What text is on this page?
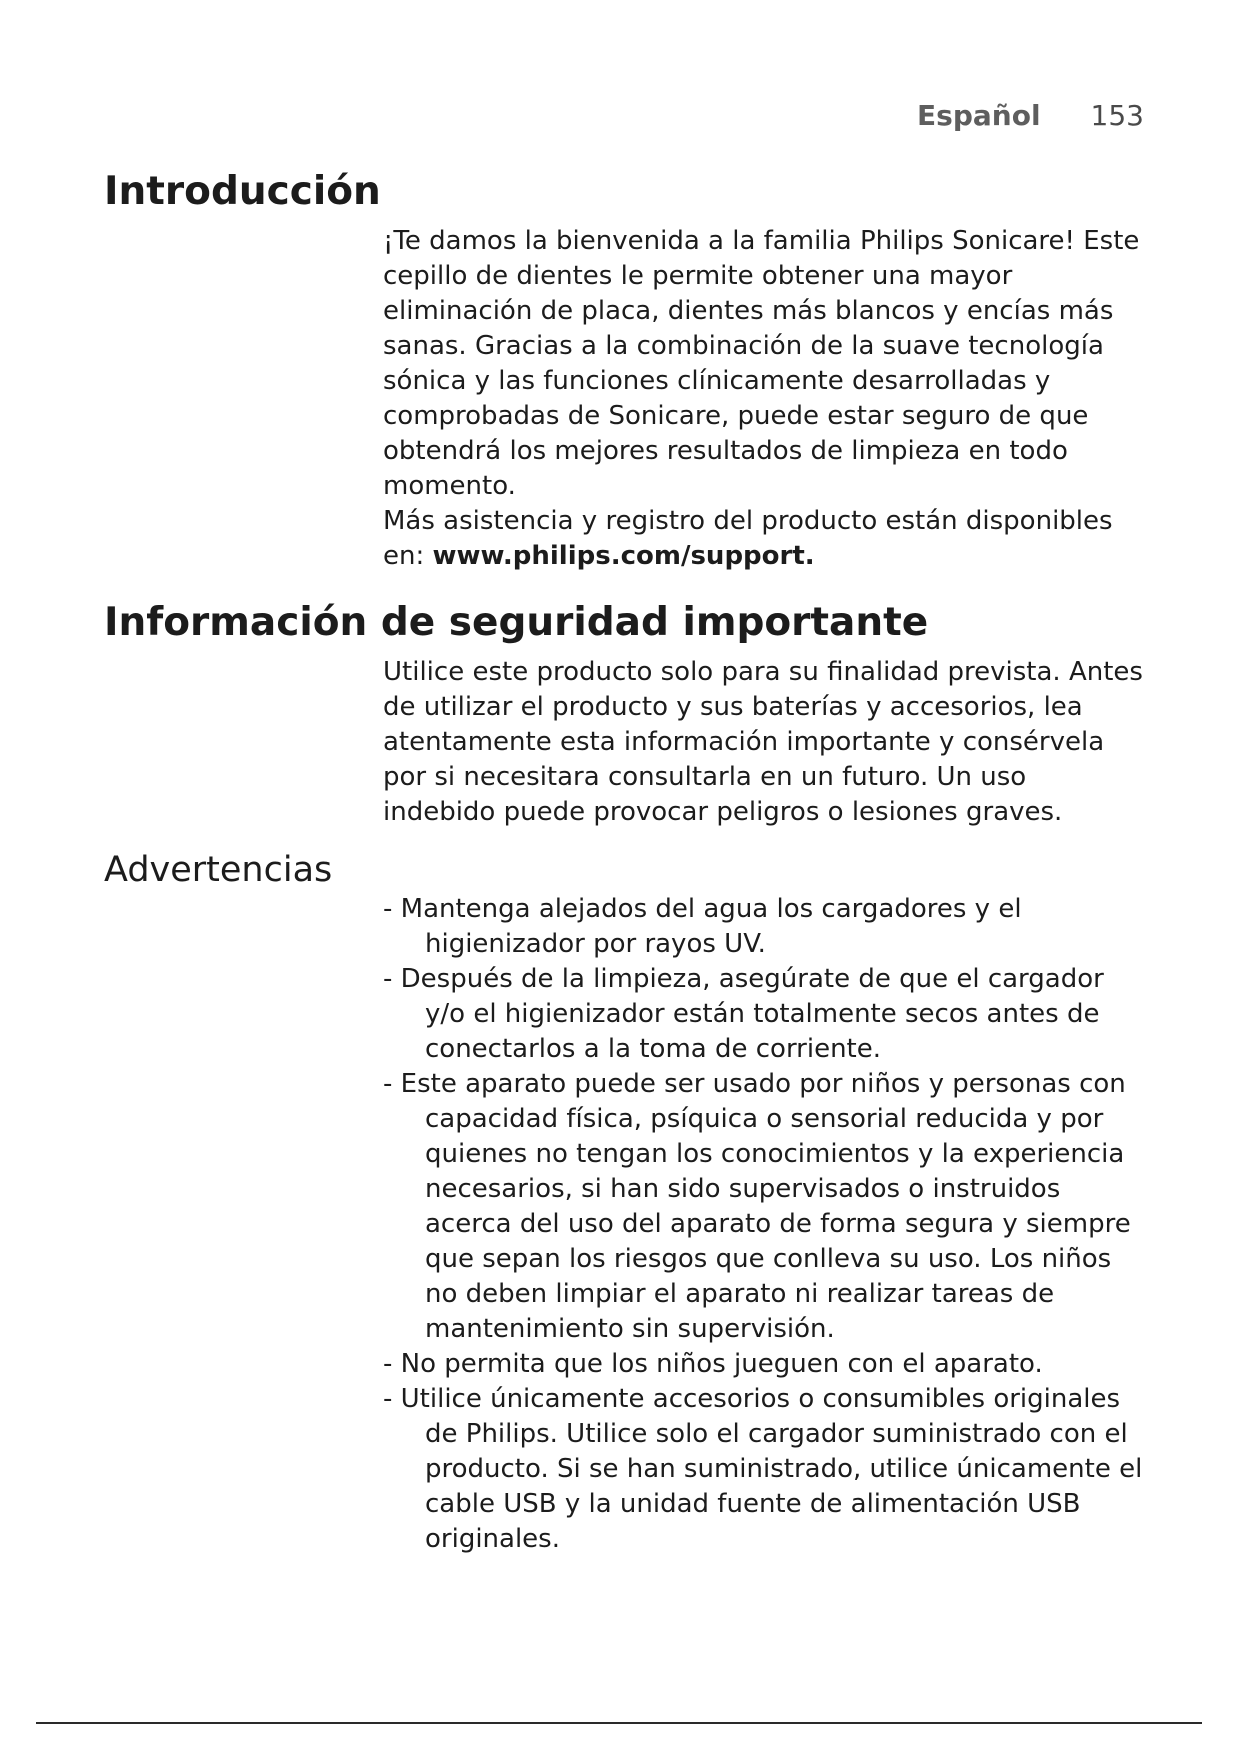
Español 153
Introducción

¡Te damos la bienvenida a la familia Philips Sonicare! Este cepillo de dientes le permite obtener una mayor eliminación de placa, dientes más blancos y encías más sanas. Gracias a la combinación de la suave tecnología sónica y las funciones clínicamente desarrolladas y comprobadas de Sonicare, puede estar seguro de que obtendrá los mejores resultados de limpieza en todo momento.

Más asistencia y registro del producto están disponibles en: www.philips.com/support.

Información de seguridad importante

Utilice este producto solo para su finalidad prevista. Antes de utilizar el producto y sus baterías y accesorios, lea atentamente esta información importante y consérvela por si necesitara consultarla en un futuro. Un uso indebido puede provocar peligros o lesiones graves.

Advertencias
- Mantenga alejados del agua los cargadores y el higienizador por rayos UV.
- Después de la limpieza, asegúrate de que el cargador y/o el higienizador están totalmente secos antes de conectarlos a la toma de corriente.
- Este aparato puede ser usado por niños y personas con capacidad física, psíquica o sensorial reducida y por quienes no tengan los conocimientos y la experiencia necesarios, si han sido supervisados o instruidos acerca del uso del aparato de forma segura y siempre que sepan los riesgos que conlleva su uso. Los niños no deben limpiar el aparato ni realizar tareas de mantenimiento sin supervisión.
- No permita que los niños jueguen con el aparato.
- Utilice únicamente accesorios o consumibles originales de Philips. Utilice solo el cargador suministrado con el producto. Si se han suministrado, utilice únicamente el cable USB y la unidad fuente de alimentación USB originales.
